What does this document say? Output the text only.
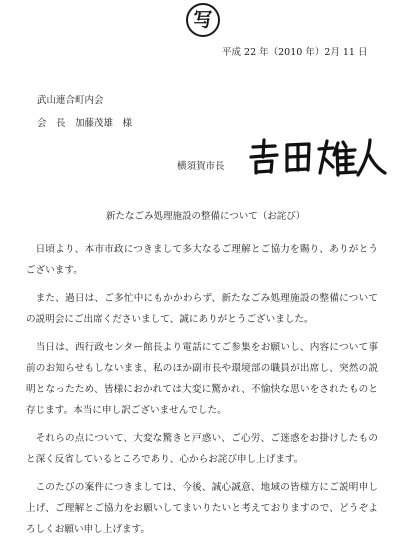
写
平成 22 年（2010 年）2月 11 日
武山連合町内会
会　長　加藤茂雄　様
横須賀市長
新たなごみ処理施設の整備について（お詫び）

日頃より、本市市政につきまして多大なるご理解とご協力を賜り、ありがとうございます。

また、過日は、ご多忙中にもかかわらず、新たなごみ処理施設の整備についての説明会にご出席くださいまして、誠にありがとうございました。

当日は、西行政センター館長より電話にてご参集をお願いし、内容について事前のお知らせもしないまま、私のほか副市長や環境部の職員が出席し、突然の説明となったため、皆様におかれては大変に驚かれ、不愉快な思いをされたものと存じます。本当に申し訳ございませんでした。

それらの点について、大変な驚きと戸惑い、ご心労、ご迷惑をお掛けしたものと深く反省しているところであり、心からお詫び申し上げます。

このたびの案件につきましては、今後、誠心誠意、地域の皆様方にご説明申し上げ、ご理解とご協力をお願いしてまいりたいと考えておりますので、どうぞよろしくお願い申し上げます。
